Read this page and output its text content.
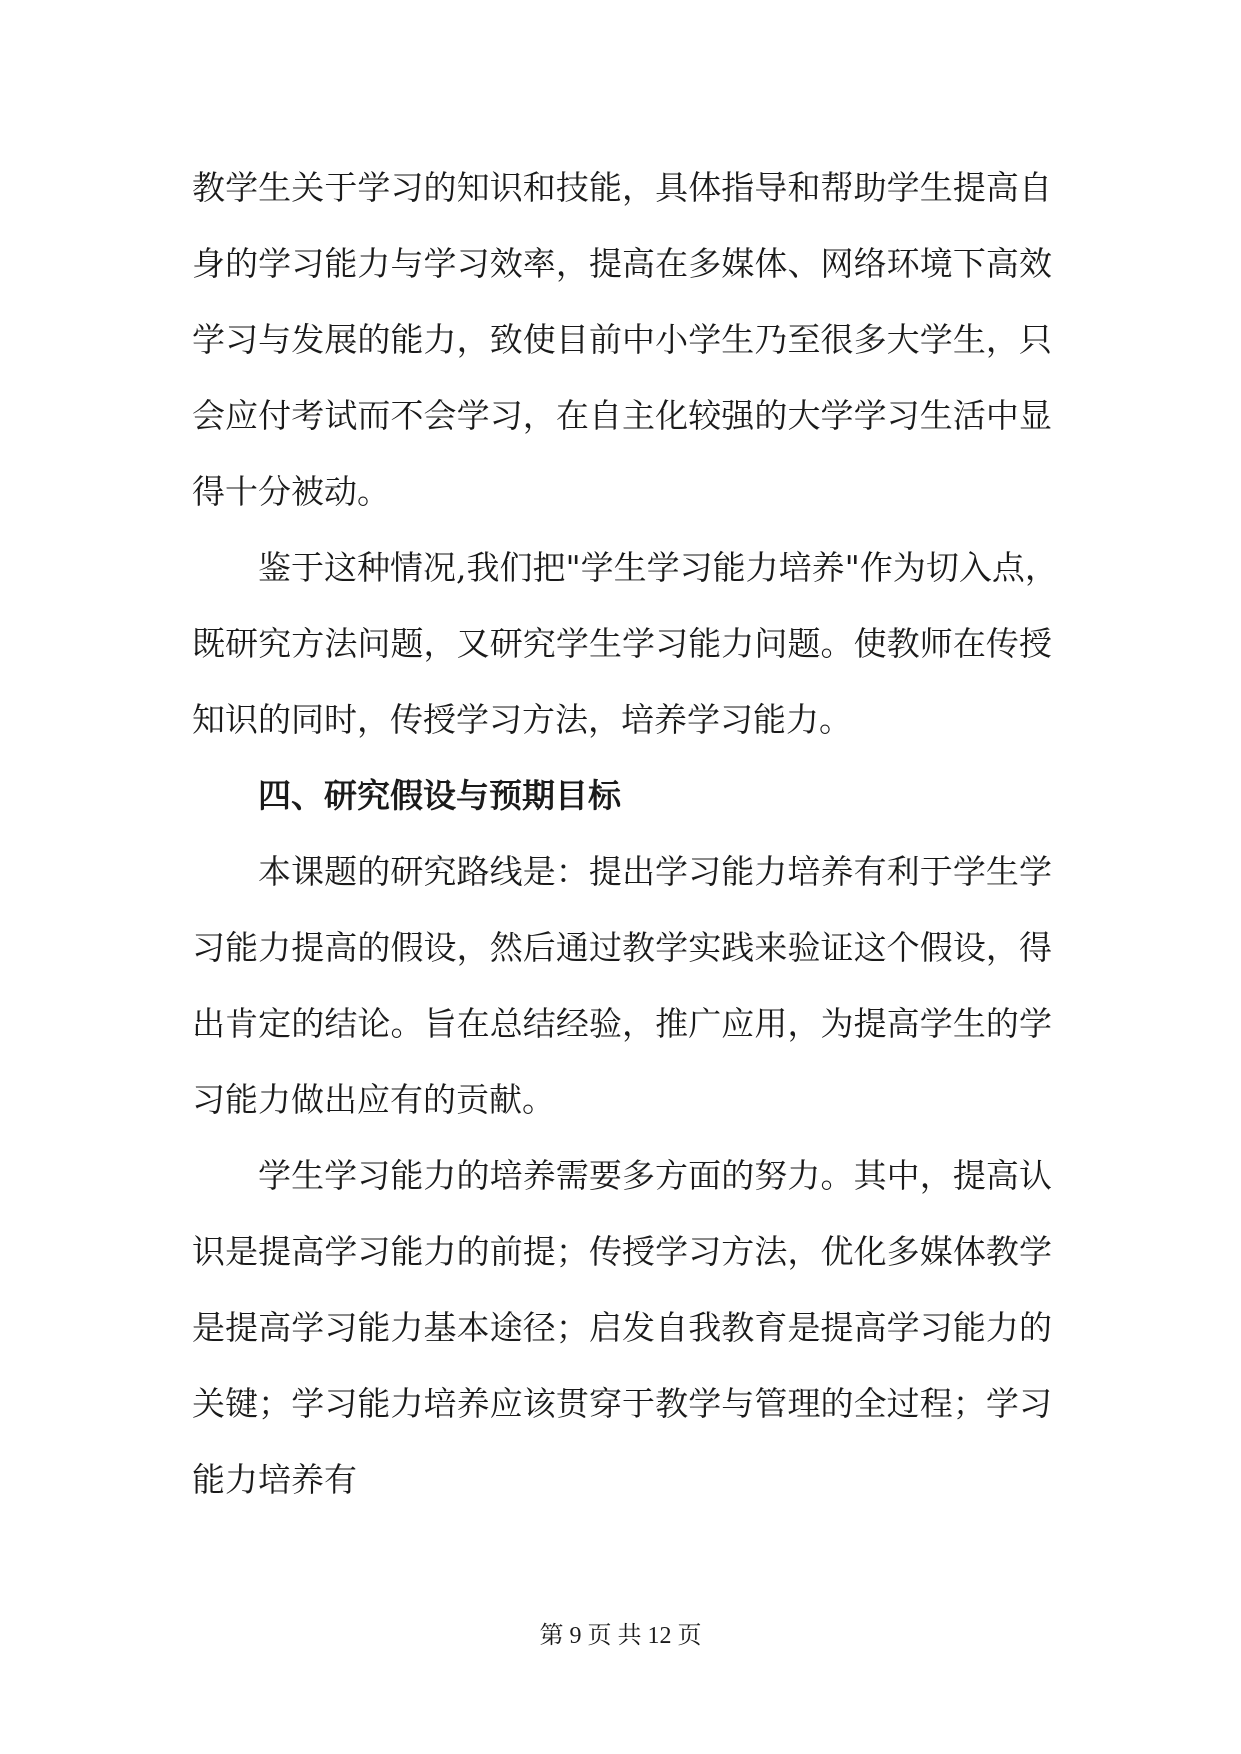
教学生关于学习的知识和技能，具体指导和帮助学生提高自
身的学习能力与学习效率，提高在多媒体、网络环境下高效
学习与发展的能力，致使目前中小学生乃至很多大学生，只
会应付考试而不会学习，在自主化较强的大学学习生活中显
得十分被动。
鉴于这种情况,我们把"学生学习能力培养"作为切入点，
既研究方法问题，又研究学生学习能力问题。使教师在传授
知识的同时，传授学习方法，培养学习能力。
四、研究假设与预期目标
本课题的研究路线是：提出学习能力培养有利于学生学
习能力提高的假设，然后通过教学实践来验证这个假设，得
出肯定的结论。旨在总结经验，推广应用，为提高学生的学
习能力做出应有的贡献。
学生学习能力的培养需要多方面的努力。其中，提高认
识是提高学习能力的前提；传授学习方法，优化多媒体教学
是提高学习能力基本途径；启发自我教育是提高学习能力的
关键；学习能力培养应该贯穿于教学与管理的全过程；学习
能力培养有
第 9 页 共 12 页
